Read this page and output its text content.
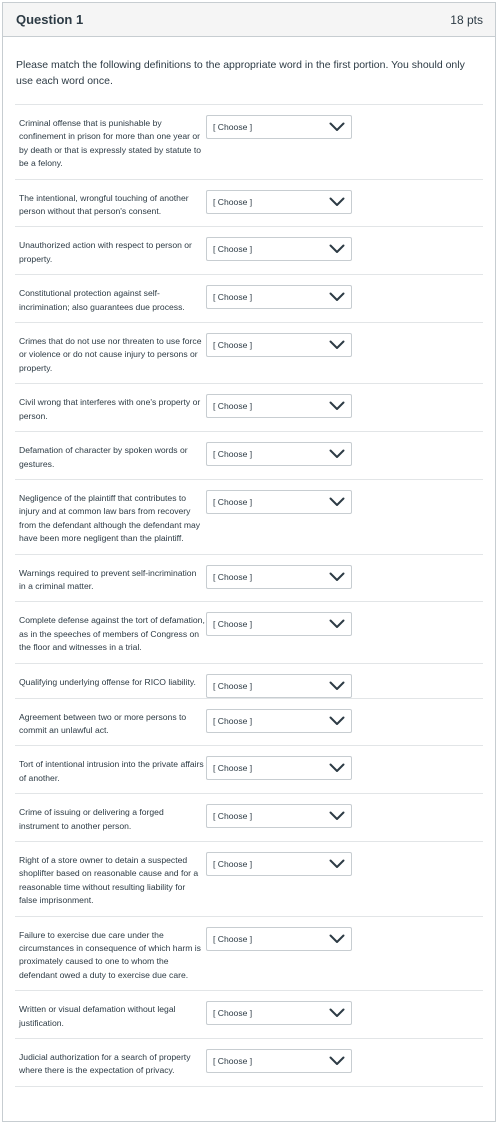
Question 1	18 pts

Please match the following definitions to the appropriate word in the first portion. You should only use each word once.

Criminal offense that is punishable by confinement in prison for more than one year or by death or that is expressly stated by statute to be a felony.
[ Choose ]
The intentional, wrongful touching of another person without that person's consent.
[ Choose ]
Unauthorized action with respect to person or property.
[ Choose ]
Constitutional protection against self-incrimination; also guarantees due process.
[ Choose ]
Crimes that do not use nor threaten to use force or violence or do not cause injury to persons or property.
[ Choose ]
Civil wrong that interferes with one's property or person.
[ Choose ]
Defamation of character by spoken words or gestures.
[ Choose ]
Negligence of the plaintiff that contributes to injury and at common law bars from recovery from the defendant although the defendant may have been more negligent than the plaintiff.
[ Choose ]
Warnings required to prevent self-incrimination in a criminal matter.
[ Choose ]
Complete defense against the tort of defamation, as in the speeches of members of Congress on the floor and witnesses in a trial.
[ Choose ]
Qualifying underlying offense for RICO liability.	[ Choose ]
Agreement between two or more persons to commit an unlawful act.
[ Choose ]
Tort of intentional intrusion into the private affairs of another.
[ Choose ]
Crime of issuing or delivering a forged instrument to another person.
[ Choose ]
Right of a store owner to detain a suspected shoplifter based on reasonable cause and for a reasonable time without resulting liability for false imprisonment.
[ Choose ]
Failure to exercise due care under the circumstances in consequence of which harm is proximately caused to one to whom the defendant owed a duty to exercise due care.
[ Choose ]
Written or visual defamation without legal justification.
[ Choose ]
Judicial authorization for a search of property where there is the expectation of privacy.
[ Choose ]
